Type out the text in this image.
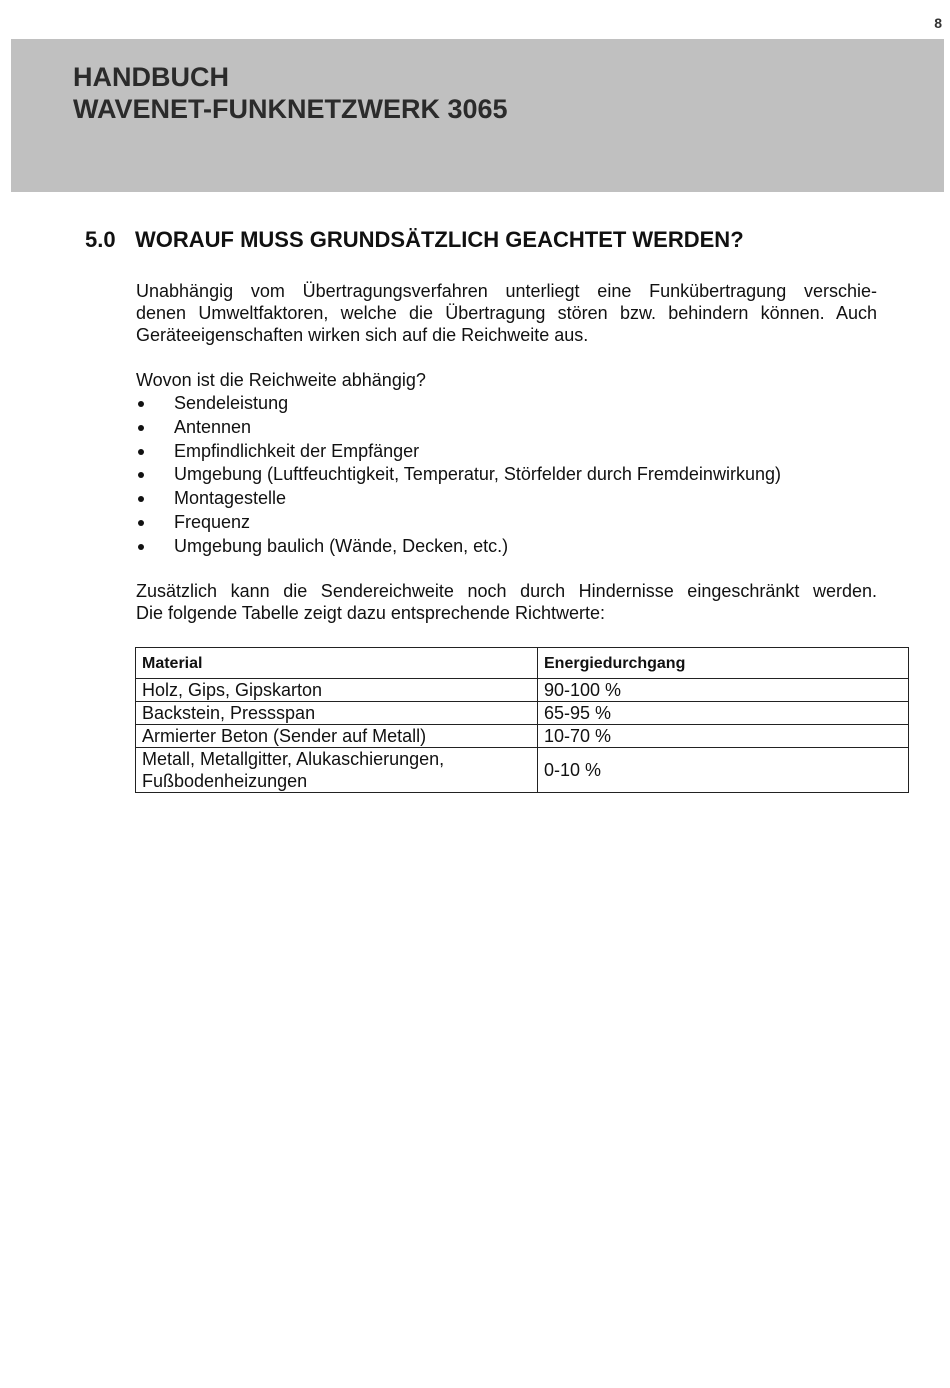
8
HANDBUCH
WAVENET-FUNKNETZWERK 3065
5.0 WORAUF MUSS GRUNDSÄTZLICH GEACHTET WERDEN?

Unabhängig vom Übertragungsverfahren unterliegt eine Funkübertragung verschie-
denen Umweltfaktoren, welche die Übertragung stören bzw. behindern können. Auch
Geräteeigenschaften wirken sich auf die Reichweite aus.

Wovon ist die Reichweite abhängig?

Sendeleistung
Antennen
Empfindlichkeit der Empfänger
Umgebung (Luftfeuchtigkeit, Temperatur, Störfelder durch Fremdeinwirkung)
Montagestelle
Frequenz
Umgebung baulich (Wände, Decken, etc.)

Zusätzlich kann die Sendereichweite noch durch Hindernisse eingeschränkt werden.
Die folgende Tabelle zeigt dazu entsprechende Richtwerte:

Material	Energiedurchgang
Holz, Gips, Gipskarton	90-100 %
Backstein, Pressspan	65-95 %
Armierter Beton (Sender auf Metall)	10-70 %

Metall, Metallgitter, Alukaschierungen,
Fußbodenheizungen	0-10 %
